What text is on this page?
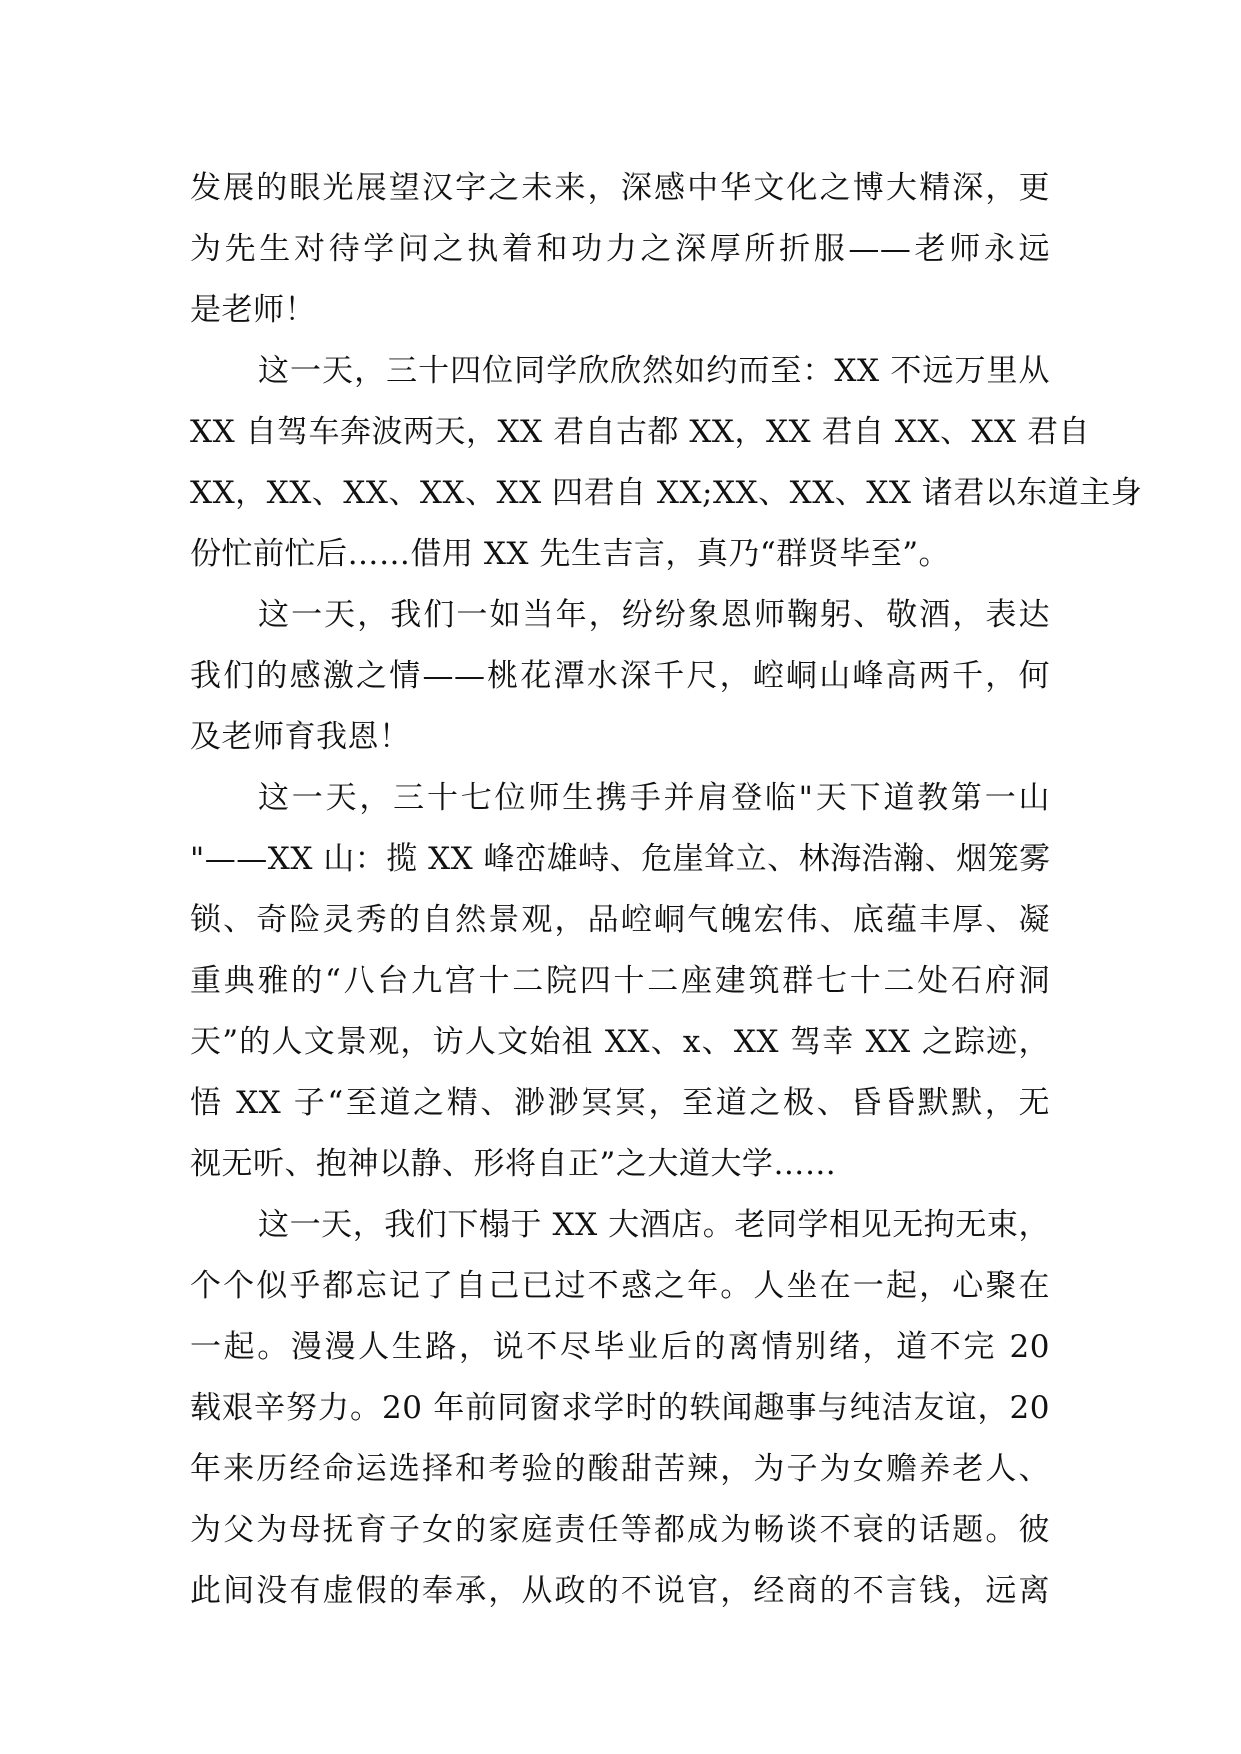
发展的眼光展望汉字之未来，深感中华文化之博大精深，更
为先生对待学问之执着和功力之深厚所折服——老师永远
是老师！
这一天，三十四位同学欣欣然如约而至：XX 不远万里从
XX 自驾车奔波两天，XX 君自古都 XX，XX 君自 XX、XX 君自
XX，XX、XX、XX、XX 四君自 XX;XX、XX、XX 诸君以东道主身
份忙前忙后……借用 XX 先生吉言，真乃“群贤毕至”。
这一天，我们一如当年，纷纷象恩师鞠躬、敬酒，表达
我们的感激之情——桃花潭水深千尺，崆峒山峰高两千，何
及老师育我恩！
这一天，三十七位师生携手并肩登临"天下道教第一山
"——XX 山：揽 XX 峰峦雄峙、危崖耸立、林海浩瀚、烟笼雾
锁、奇险灵秀的自然景观，品崆峒气魄宏伟、底蕴丰厚、凝
重典雅的“八台九宫十二院四十二座建筑群七十二处石府洞
天”的人文景观，访人文始祖 XX、x、XX 驾幸 XX 之踪迹，
悟 XX 子“至道之精、渺渺冥冥，至道之极、昏昏默默，无
视无听、抱神以静、形将自正”之大道大学……
这一天，我们下榻于 XX 大酒店。老同学相见无拘无束，
个个似乎都忘记了自己已过不惑之年。人坐在一起，心聚在
一起。漫漫人生路，说不尽毕业后的离情别绪，道不完 20
载艰辛努力。20 年前同窗求学时的轶闻趣事与纯洁友谊，20
年来历经命运选择和考验的酸甜苦辣，为子为女赡养老人、
为父为母抚育子女的家庭责任等都成为畅谈不衰的话题。彼
此间没有虚假的奉承，从政的不说官，经商的不言钱，远离
